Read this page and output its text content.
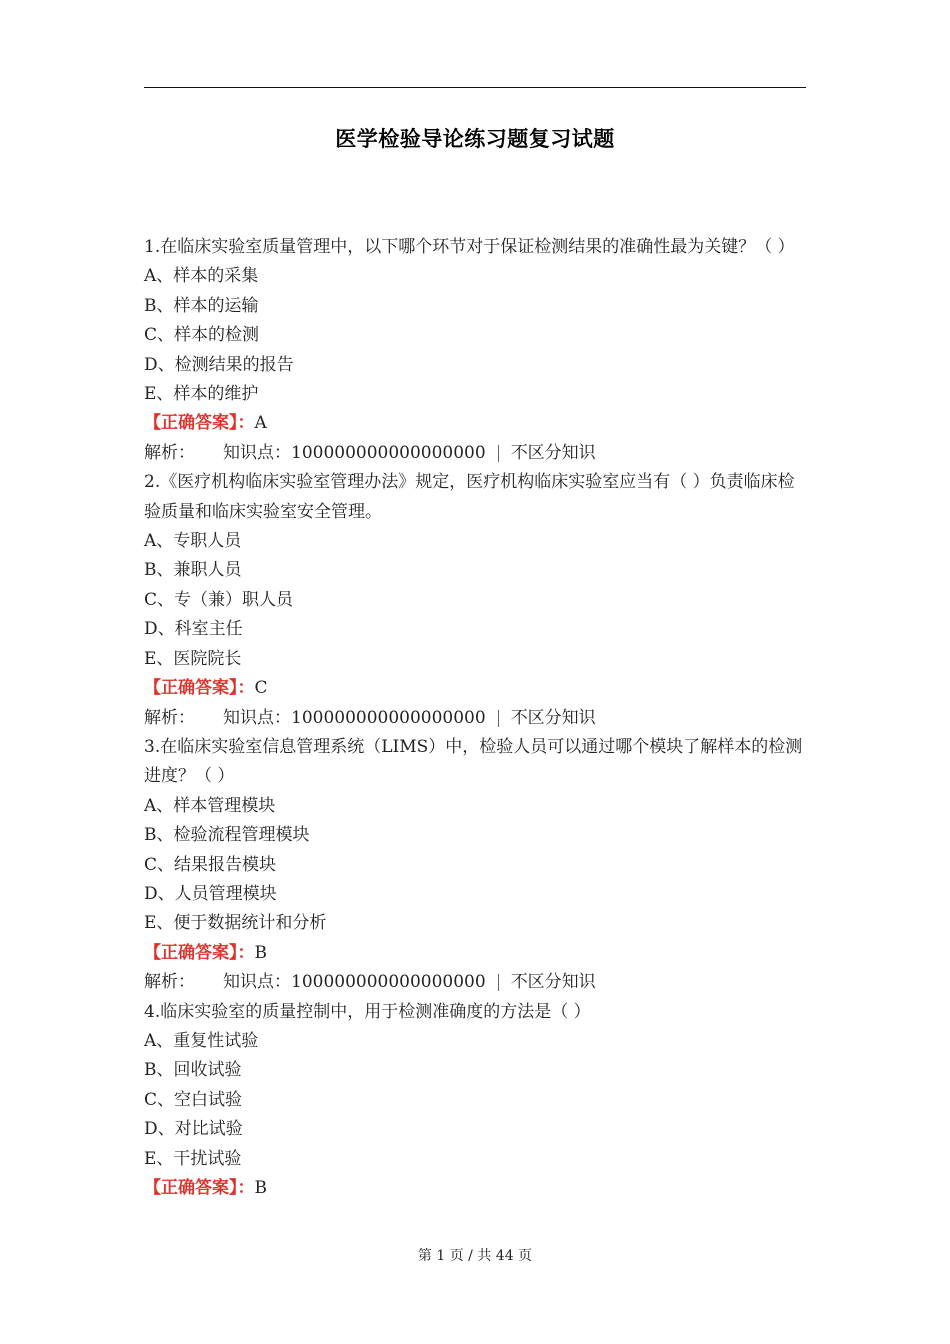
医学检验导论练习题复习试题
1.在临床实验室质量管理中，以下哪个环节对于保证检测结果的准确性最为关键？（ ）
A、样本的采集
B、样本的运输
C、样本的检测
D、检测结果的报告
E、样本的维护
【正确答案】：A
解析： 知识点：100000000000000000 不区分知识
2.《医疗机构临床实验室管理办法》规定，医疗机构临床实验室应当有（ ）负责临床检验质量和临床实验室安全管理。
A、专职人员
B、兼职人员
C、专（兼）职人员
D、科室主任
E、医院院长
【正确答案】：C
解析： 知识点：100000000000000000 不区分知识
3.在临床实验室信息管理系统（LIMS）中，检验人员可以通过哪个模块了解样本的检测进度？（ ）
A、样本管理模块
B、检验流程管理模块
C、结果报告模块
D、人员管理模块
E、便于数据统计和分析
【正确答案】：B
解析： 知识点：100000000000000000 不区分知识
4.临床实验室的质量控制中，用于检测准确度的方法是（ ）
A、重复性试验
B、回收试验
C、空白试验
D、对比试验
E、干扰试验
【正确答案】：B
第 1 页 / 共 44 页
